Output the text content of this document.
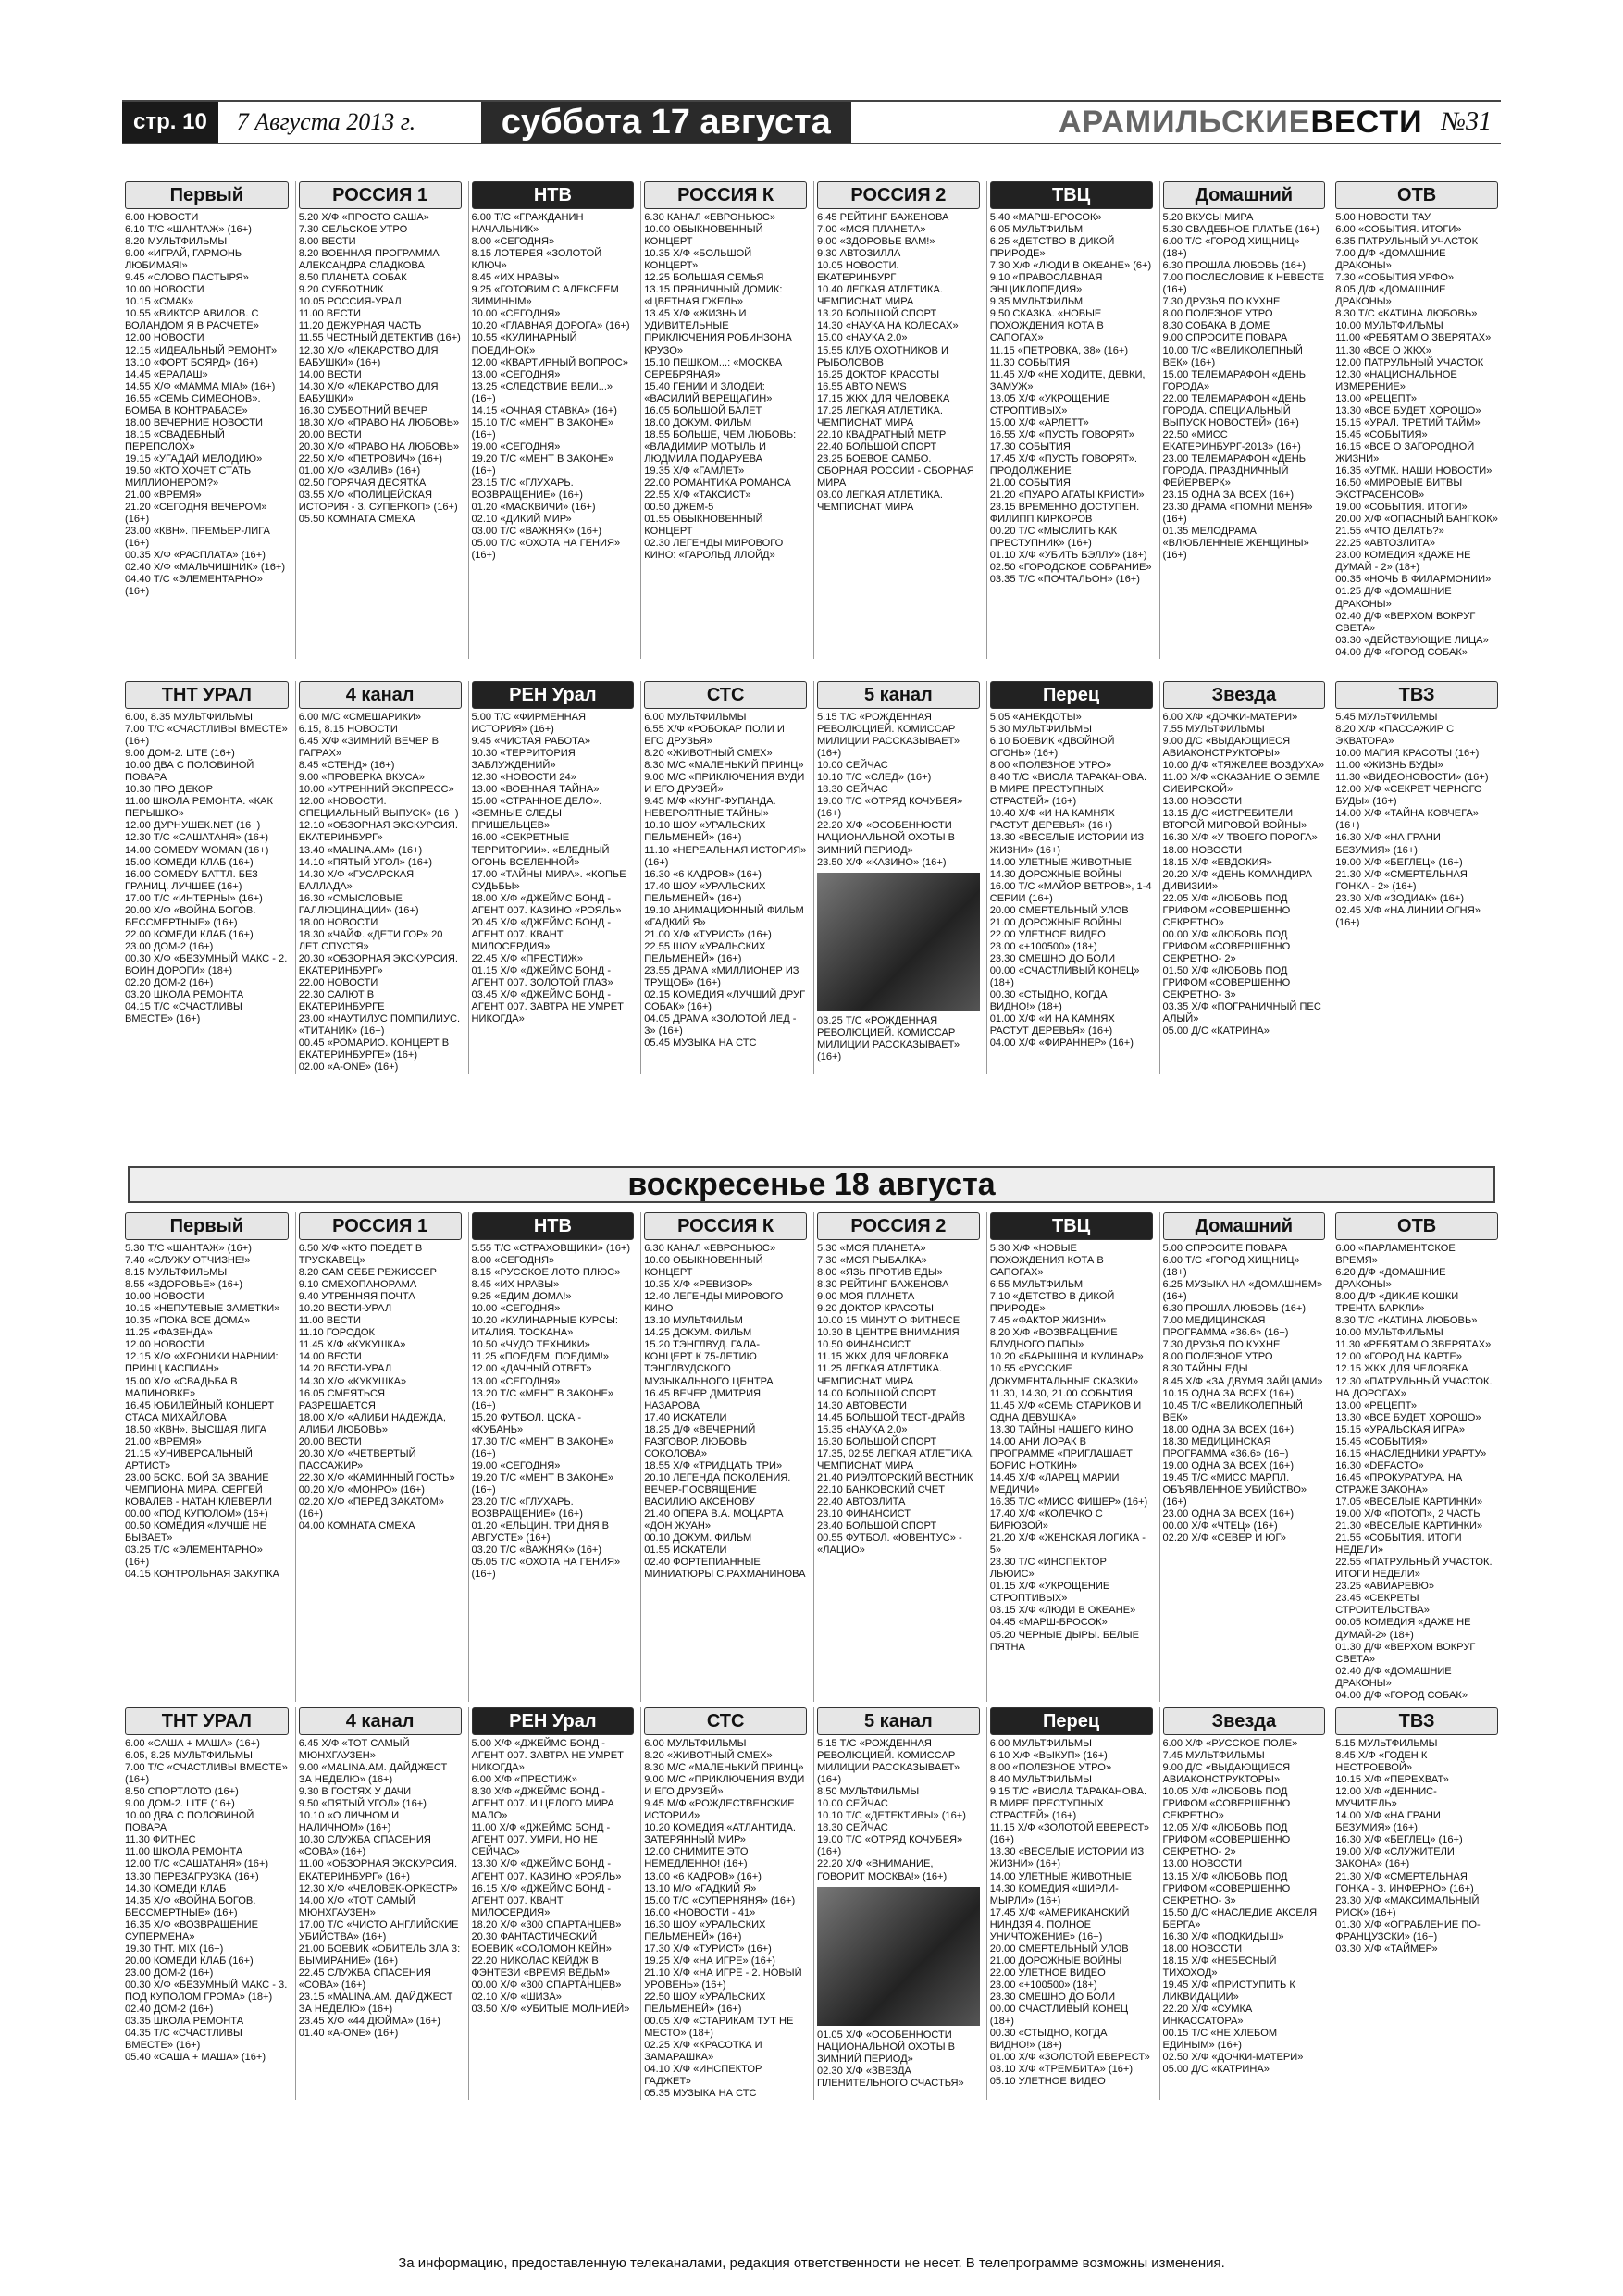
стр. 10	7 Августа 2013 г.	суббота 17 августа	АРАМИЛЬСКИЕВЕСТИ №31
Первый
6.00 НОВОСТИ
6.10 Т/С «ШАНТАЖ» (16+)
8.20 МУЛЬТФИЛЬМЫ
9.00 «ИГРАЙ, ГАРМОНЬ ЛЮБИМАЯ!»
9.45 «СЛОВО ПАСТЫРЯ»
10.00 НОВОСТИ
10.15 «СМАК»
10.55 «ВИКТОР АВИЛОВ. С ВОЛАНДОМ Я В РАСЧЕТЕ»
12.00 НОВОСТИ
12.15 «ИДЕАЛЬНЫЙ РЕМОНТ»
13.10 «ФОРТ БОЯРД» (16+)
14.45 «ЕРАЛАШ»
14.55 Х/Ф «MAMMA MIA!» (16+)
16.55 «СЕМЬ СИМЕОНОВ». БОМБА В КОНТРАБАСЕ»
18.00 ВЕЧЕРНИЕ НОВОСТИ
18.15 «СВАДЕБНЫЙ ПЕРЕПОЛОХ»
19.15 «УГАДАЙ МЕЛОДИЮ»
19.50 «КТО ХОЧЕТ СТАТЬ МИЛЛИОНЕРОМ?»
21.00 «ВРЕМЯ»
21.20 «СЕГОДНЯ ВЕЧЕРОМ» (16+)
23.00 «КВН». ПРЕМЬЕР-ЛИГА (16+)
00.35 Х/Ф «РАСПЛАТА» (16+)
02.40 Х/Ф «МАЛЬЧИШНИК» (16+)
04.40 Т/С «ЭЛЕМЕНТАРНО» (16+)
РОССИЯ 1
5.20 Х/Ф «ПРОСТО САША»
7.30 СЕЛЬСКОЕ УТРО
8.00 ВЕСТИ
8.20 ВОЕННАЯ ПРОГРАММА АЛЕКСАНДРА СЛАДКОВА
8.50 ПЛАНЕТА СОБАК
9.20 СУББОТНИК
10.05 РОССИЯ-УРАЛ
11.00 ВЕСТИ
11.20 ДЕЖУРНАЯ ЧАСТЬ
11.55 ЧЕСТНЫЙ ДЕТЕКТИВ (16+)
12.30 Х/Ф «ЛЕКАРСТВО ДЛЯ БАБУШКИ» (16+)
14.00 ВЕСТИ
14.30 Х/Ф «ЛЕКАРСТВО ДЛЯ БАБУШКИ»
16.30 СУББОТНИЙ ВЕЧЕР
18.30 Х/Ф «ПРАВО НА ЛЮБОВЬ»
20.00 ВЕСТИ
20.30 Х/Ф «ПРАВО НА ЛЮБОВЬ»
22.50 Х/Ф «ПЕТРОВИЧ» (16+)
01.00 Х/Ф «ЗАЛИВ» (16+)
02.50 ГОРЯЧАЯ ДЕСЯТКА
03.55 Х/Ф «ПОЛИЦЕЙСКАЯ ИСТОРИЯ - 3. СУПЕРКОП» (16+)
05.50 КОМНАТА СМЕХА
НТВ
6.00 Т/С «ГРАЖДАНИН НАЧАЛЬНИК»
8.00 «СЕГОДНЯ»
8.15 ЛОТЕРЕЯ «ЗОЛОТОЙ КЛЮЧ»
8.45 «ИХ НРАВЫ»
9.25 «ГОТОВИМ С АЛЕКСЕЕМ ЗИМИНЫМ»
10.00 «СЕГОДНЯ»
10.20 «ГЛАВНАЯ ДОРОГА» (16+)
10.55 «КУЛИНАРНЫЙ ПОЕДИНОК»
12.00 «КВАРТИРНЫЙ ВОПРОС»
13.00 «СЕГОДНЯ»
13.25 «СЛЕДСТВИЕ ВЕЛИ...» (16+)
14.15 «ОЧНАЯ СТАВКА» (16+)
15.10 Т/С «МЕНТ В ЗАКОНЕ» (16+)
19.00 «СЕГОДНЯ»
19.20 Т/С «МЕНТ В ЗАКОНЕ» (16+)
23.15 Т/С «ГЛУХАРЬ. ВОЗВРАЩЕНИЕ» (16+)
01.20 «МАСКВИЧИ» (16+)
02.10 «ДИКИЙ МИР»
03.00 Т/С «ВАЖНЯК» (16+)
05.00 Т/С «ОХОТА НА ГЕНИЯ» (16+)
РОССИЯ К
6.30 КАНАЛ «ЕВРОНЬЮС»
10.00 ОБЫКНОВЕННЫЙ КОНЦЕРТ
10.35 Х/Ф «БОЛЬШОЙ КОНЦЕРТ»
12.25 БОЛЬШАЯ СЕМЬЯ
13.15 ПРЯНИЧНЫЙ ДОМИК: «ЦВЕТНАЯ ГЖЕЛЬ»
13.45 Х/Ф «ЖИЗНЬ И УДИВИТЕЛЬНЫЕ ПРИКЛЮЧЕНИЯ РОБИНЗОНА КРУЗО»
15.10 ПЕШКОМ...: «МОСКВА СЕРЕБРЯНАЯ»
15.40 ГЕНИИ И ЗЛОДЕИ: «ВАСИЛИЙ ВЕРЕЩАГИН»
16.05 БОЛЬШОЙ БАЛЕТ
18.00 ДОКУМ. ФИЛЬМ
18.55 БОЛЬШЕ, ЧЕМ ЛЮБОВЬ: «ВЛАДИМИР МОТЫЛЬ И ЛЮДМИЛА ПОДАРУЕВА
19.35 Х/Ф «ГАМЛЕТ»
22.00 РОМАНТИКА РОМАНСА
22.55 Х/Ф «ТАКСИСТ»
00.50 ДЖЕМ-5
01.55 ОБЫКНОВЕННЫЙ КОНЦЕРТ
02.30 ЛЕГЕНДЫ МИРОВОГО КИНО: «ГАРОЛЬД ЛЛОЙД»
РОССИЯ 2
6.45 РЕЙТИНГ БАЖЕНОВА
7.00 «МОЯ ПЛАНЕТА»
9.00 «ЗДОРОВЬЕ ВАМ!»
9.30 АВТОЗИЛЛА
10.05 НОВОСТИ. ЕКАТЕРИНБУРГ
10.40 ЛЕГКАЯ АТЛЕТИКА. ЧЕМПИОНАТ МИРА
13.20 БОЛЬШОЙ СПОРТ
14.30 «НАУКА НА КОЛЕСАХ»
15.00 «НАУКА 2.0»
15.55 КЛУБ ОХОТНИКОВ И РЫБОЛОВОВ
16.25 ДОКТОР КРАСОТЫ
16.55 ABTO NEWS
17.15 ЖКХ ДЛЯ ЧЕЛОВЕКА
17.25 ЛЕГКАЯ АТЛЕТИКА. ЧЕМПИОНАТ МИРА
22.10 КВАДРАТНЫЙ МЕТР
22.40 БОЛЬШОЙ СПОРТ
23.25 БОЕВОЕ САМБО. СБОРНАЯ РОССИИ - СБОРНАЯ МИРА
03.00 ЛЕГКАЯ АТЛЕТИКА. ЧЕМПИОНАТ МИРА
ТВЦ
5.40 «МАРШ-БРОСОК»
6.05 МУЛЬТФИЛЬМ
6.25 «ДЕТСТВО В ДИКОЙ ПРИРОДЕ»
7.30 Х/Ф «ЛЮДИ В ОКЕАНЕ» (6+)
9.10 «ПРАВОСЛАВНАЯ ЭНЦИКЛОПЕДИЯ»
9.35 МУЛЬТФИЛЬМ
9.50 СКАЗКА. «НОВЫЕ ПОХОЖДЕНИЯ КОТА В САПОГАХ»
11.15 «ПЕТРОВКА, 38» (16+)
11.30 СОБЫТИЯ
11.45 Х/Ф «НЕ ХОДИТЕ, ДЕВКИ, ЗАМУЖ»
13.05 Х/Ф «УКРОЩЕНИЕ СТРОПТИВЫХ»
15.00 Х/Ф «АРЛЕТТ»
16.55 Х/Ф «ПУСТЬ ГОВОРЯТ»
17.30 СОБЫТИЯ
17.45 Х/Ф «ПУСТЬ ГОВОРЯТ». ПРОДОЛЖЕНИЕ
21.00 СОБЫТИЯ
21.20 «ПУАРО АГАТЫ КРИСТИ»
23.15 ВРЕМЕННО ДОСТУПЕН. ФИЛИПП КИРКОРОВ
00.20 Т/С «МЫСЛИТЬ КАК ПРЕСТУПНИК» (16+)
01.10 Х/Ф «УБИТЬ БЭЛЛУ» (18+)
02.50 «ГОРОДСКОЕ СОБРАНИЕ»
03.35 Т/С «ПОЧТАЛЬОН» (16+)
Домашний
5.20 ВКУСЫ МИРА
5.30 СВАДЕБНОЕ ПЛАТЬЕ (16+)
6.00 Т/С «ГОРОД ХИЩНИЦ» (18+)
6.30 ПРОШЛА ЛЮБОВЬ (16+)
7.00 ПОСЛЕСЛОВИЕ К НЕВЕСТЕ (16+)
7.30 ДРУЗЬЯ ПО КУХНЕ
8.00 ПОЛЕЗНОЕ УТРО
8.30 СОБАКА В ДОМЕ
9.00 СПРОСИТЕ ПОВАРА
10.00 Т/С «ВЕЛИКОЛЕПНЫЙ ВЕК» (16+)
15.00 ТЕЛЕМАРАФОН «ДЕНЬ ГОРОДА»
22.00 ТЕЛЕМАРАФОН «ДЕНЬ ГОРОДА. СПЕЦИАЛЬНЫЙ ВЫПУСК НОВОСТЕЙ» (16+)
22.50 «МИСС ЕКАТЕРИНБУРГ-2013» (16+)
23.00 ТЕЛЕМАРАФОН «ДЕНЬ ГОРОДА. ПРАЗДНИЧНЫЙ ФЕЙЕРВЕРК»
23.15 ОДНА ЗА ВСЕХ (16+)
23.30 ДРАМА «ПОМНИ МЕНЯ» (16+)
01.35 МЕЛОДРАМА «ВЛЮБЛЕННЫЕ ЖЕНЩИНЫ» (16+)
ОТВ
5.00 НОВОСТИ ТАУ
6.00 «СОБЫТИЯ. ИТОГИ»
6.35 ПАТРУЛЬНЫЙ УЧАСТОК
7.00 Д/Ф «ДОМАШНИЕ ДРАКОНЫ»
7.30 «СОБЫТИЯ УРФО»
8.05 Д/Ф «ДОМАШНИЕ ДРАКОНЫ»
8.30 Т/С «КАТИНА ЛЮБОВЬ»
10.00 МУЛЬТФИЛЬМЫ
11.00 «РЕБЯТАМ О ЗВЕРЯТАХ»
11.30 «ВСЕ О ЖКХ»
12.00 ПАТРУЛЬНЫЙ УЧАСТОК
12.30 «НАЦИОНАЛЬНОЕ ИЗМЕРЕНИЕ»
13.00 «РЕЦЕПТ»
13.30 «ВСЕ БУДЕТ ХОРОШО»
15.15 «УРАЛ. ТРЕТИЙ ТАЙМ»
15.45 «СОБЫТИЯ»
16.15 «ВСЕ О ЗАГОРОДНОЙ ЖИЗНИ»
16.35 «УГМК. НАШИ НОВОСТИ»
16.50 «МИРОВЫЕ БИТВЫ ЭКСТРАСЕНСОВ»
19.00 «СОБЫТИЯ. ИТОГИ»
20.00 Х/Ф «ОПАСНЫЙ БАНГКОК»
21.55 «ЧТО ДЕЛАТЬ?»
22.25 «АВТОЗЛИТА»
23.00 КОМЕДИЯ «ДАЖЕ НЕ ДУМАЙ - 2» (18+)
00.35 «НОЧЬ В ФИЛАРМОНИИ»
01.25 Д/Ф «ДОМАШНИЕ ДРАКОНЫ»
02.40 Д/Ф «ВЕРХОМ ВОКРУГ СВЕТА»
03.30 «ДЕЙСТВУЮЩИЕ ЛИЦА»
04.00 Д/Ф «ГОРОД СОБАК»
ТНТ УРАЛ
6.00, 8.35 МУЛЬТФИЛЬМЫ
7.00 Т/С «СЧАСТЛИВЫ ВМЕСТЕ» (16+)
9.00 ДОМ-2. LITE (16+)
10.00 ДВА С ПОЛОВИНОЙ ПОВАРА
10.30 ПРО ДЕКОР
11.00 ШКОЛА РЕМОНТА. «КАК ПЕРЫШКО»
12.00 ДУРНУШЕК.NET (16+)
12.30 Т/С «САШАТАНЯ» (16+)
14.00 COMEDY WOMAN (16+)
15.00 КОМЕДИ КЛАБ (16+)
16.00 COMEDY БАТТЛ. БЕЗ ГРАНИЦ. ЛУЧШЕЕ (16+)
17.00 Т/С «ИНТЕРНЫ» (16+)
20.00 Х/Ф «ВОЙНА БОГОВ. БЕССМЕРТНЫЕ» (16+)
22.00 КОМЕДИ КЛАБ (16+)
23.00 ДОМ-2 (16+)
00.30 Х/Ф «БЕЗУМНЫЙ МАКС - 2. ВОИН ДОРОГИ» (18+)
02.20 ДОМ-2 (16+)
03.20 ШКОЛА РЕМОНТА
04.15 Т/С «СЧАСТЛИВЫ ВМЕСТЕ» (16+)
4 канал
6.00 М/С «СМЕШАРИКИ»
6.15, 8.15 НОВОСТИ
6.45 Х/Ф «ЗИМНИЙ ВЕЧЕР В ГАГРАХ»
8.45 «СТЕНД» (16+)
9.00 «ПРОВЕРКА ВКУСА»
10.00 «УТРЕННИЙ ЭКСПРЕСС»
12.00 «НОВОСТИ. СПЕЦИАЛЬНЫЙ ВЫПУСК» (16+)
12.10 «ОБЗОРНАЯ ЭКСКУРСИЯ. ЕКАТЕРИНБУРГ»
13.40 «MALINA.AM» (16+)
14.10 «ПЯТЫЙ УГОЛ» (16+)
14.30 Х/Ф «ГУСАРСКАЯ БАЛЛАДА»
16.30 «СМЫСЛОВЫЕ ГАЛЛЮЦИНАЦИИ» (16+)
18.00 НОВОСТИ
18.30 «ЧАЙФ. «ДЕТИ ГОР» 20 ЛЕТ СПУСТЯ»
20.30 «ОБЗОРНАЯ ЭКСКУРСИЯ. ЕКАТЕРИНБУРГ»
22.00 НОВОСТИ
22.30 САЛЮТ В ЕКАТЕРИНБУРГЕ
23.00 «НАУТИЛУС ПОМПИЛИУС. «ТИТАНИК» (16+)
00.45 «РОМАРИО. КОНЦЕРТ В ЕКАТЕРИНБУРГЕ» (16+)
02.00 «А-ONE» (16+)
РЕН Урал
5.00 Т/С «ФИРМЕННАЯ ИСТОРИЯ» (16+)
9.45 «ЧИСТАЯ РАБОТА»
10.30 «ТЕРРИТОРИЯ ЗАБЛУЖДЕНИЙ»
12.30 «НОВОСТИ 24»
13.00 «ВОЕННАЯ ТАЙНА»
15.00 «СТРАННОЕ ДЕЛО». «ЗЕМНЫЕ СЛЕДЫ ПРИШЕЛЬЦЕВ»
16.00 «СЕКРЕТНЫЕ ТЕРРИТОРИИ». «БЛЕДНЫЙ ОГОНЬ ВСЕЛЕННОЙ»
17.00 «ТАЙНЫ МИРА». «КОПЬЕ СУДЬБЫ»
18.00 Х/Ф «ДЖЕЙМС БОНД - АГЕНТ 007. КАЗИНО «РОЯЛЬ»
20.45 Х/Ф «ДЖЕЙМС БОНД - АГЕНТ 007. КВАНТ МИЛОСЕРДИЯ»
22.45 Х/Ф «ПРЕСТИЖ»
01.15 Х/Ф «ДЖЕЙМС БОНД - АГЕНТ 007. ЗОЛОТОЙ ГЛАЗ»
03.45 Х/Ф «ДЖЕЙМС БОНД - АГЕНТ 007. ЗАВТРА НЕ УМРЕТ НИКОГДА»
СТС
6.00 МУЛЬТФИЛЬМЫ
6.55 Х/Ф «РОБОКАР ПОЛИ И ЕГО ДРУЗЬЯ»
8.20 «ЖИВОТНЫЙ СМЕХ»
8.30 М/С «МАЛЕНЬКИЙ ПРИНЦ»
9.00 М/С «ПРИКЛЮЧЕНИЯ ВУДИ И ЕГО ДРУЗЕЙ»
9.45 М/Ф «КУНГ-ФУПАНДА. НЕВЕРОЯТНЫЕ ТАЙНЫ»
10.10 ШОУ «УРАЛЬСКИХ ПЕЛЬМЕНЕЙ» (16+)
11.10 «НЕРЕАЛЬНАЯ ИСТОРИЯ» (16+)
16.30 «6 КАДРОВ» (16+)
17.40 ШОУ «УРАЛЬСКИХ ПЕЛЬМЕНЕЙ» (16+)
19.10 АНИМАЦИОННЫЙ ФИЛЬМ «ГАДКИЙ Я»
21.00 Х/Ф «ТУРИСТ» (16+)
22.55 ШОУ «УРАЛЬСКИХ ПЕЛЬМЕНЕЙ» (16+)
23.55 ДРАМА «МИЛЛИОНЕР ИЗ ТРУЩОБ» (16+)
02.15 КОМЕДИЯ «ЛУЧШИЙ ДРУГ СОБАК» (16+)
04.05 ДРАМА «ЗОЛОТОЙ ЛЕД - 3» (16+)
05.45 МУЗЫКА НА СТС
5 канал
5.15 Т/С «РОЖДЕННАЯ РЕВОЛЮЦИЕЙ. КОМИССАР МИЛИЦИИ РАССКАЗЫВАЕТ» (16+)
10.00 СЕЙЧАС
10.10 Т/С «СЛЕД» (16+)
18.30 СЕЙЧАС
19.00 Т/С «ОТРЯД КОЧУБЕЯ» (16+)
22.20 Х/Ф «ОСОБЕННОСТИ НАЦИОНАЛЬНОЙ ОХОТЫ В ЗИМНИЙ ПЕРИОД»
23.50 Х/Ф «КАЗИНО» (16+)
03.25 Т/С «РОЖДЕННАЯ РЕВОЛЮЦИЕЙ. КОМИССАР МИЛИЦИИ РАССКАЗЫВАЕТ» (16+)
Перец
5.05 «АНЕКДОТЫ»
5.30 МУЛЬТФИЛЬМЫ
6.10 БОЕВИК «ДВОЙНОЙ ОГОНЬ» (16+)
8.00 «ПОЛЕЗНОЕ УТРО»
8.40 Т/С «ВИОЛА ТАРАКАНОВА. В МИРЕ ПРЕСТУПНЫХ СТРАСТЕЙ» (16+)
10.40 Х/Ф «И НА КАМНЯХ РАСТУТ ДЕРЕВЬЯ» (16+)
13.30 «ВЕСЕЛЫЕ ИСТОРИИ ИЗ ЖИЗНИ» (16+)
14.00 УЛЕТНЫЕ ЖИВОТНЫЕ
14.30 ДОРОЖНЫЕ ВОЙНЫ
16.00 Т/С «МАЙОР ВЕТРОВ», 1-4 СЕРИИ (16+)
20.00 СМЕРТЕЛЬНЫЙ УЛОВ
21.00 ДОРОЖНЫЕ ВОЙНЫ
22.00 УЛЕТНОЕ ВИДЕО
23.00 «+100500» (18+)
23.30 СМЕШНО ДО БОЛИ
00.00 «СЧАСТЛИВЫЙ КОНЕЦ» (18+)
00.30 «СТЫДНО, КОГДА ВИДНО!» (18+)
01.00 Х/Ф «И НА КАМНЯХ РАСТУТ ДЕРЕВЬЯ» (16+)
04.00 Х/Ф «ФИРАННЕР» (16+)
Звезда
6.00 Х/Ф «ДОЧКИ-МАТЕРИ»
7.55 МУЛЬТФИЛЬМЫ
9.00 Д/С «ВЫДАЮЩИЕСЯ АВИАКОНСТРУКТОРЫ»
10.00 Д/Ф «ТЯЖЕЛЕЕ ВОЗДУХА»
11.00 Х/Ф «СКАЗАНИЕ О ЗЕМЛЕ СИБИРСКОЙ»
13.00 НОВОСТИ
13.15 Д/С «ИСТРЕБИТЕЛИ ВТОРОЙ МИРОВОЙ ВОЙНЫ»
16.30 Х/Ф «У ТВОЕГО ПОРОГА»
18.00 НОВОСТИ
18.15 Х/Ф «ЕВДОКИЯ»
20.20 Х/Ф «ДЕНЬ КОМАНДИРА ДИВИЗИИ»
22.05 Х/Ф «ЛЮБОВЬ ПОД ГРИФОМ «СОВЕРШЕННО СЕКРЕТНО»
00.00 Х/Ф «ЛЮБОВЬ ПОД ГРИФОМ «СОВЕРШЕННО СЕКРЕТНО- 2»
01.50 Х/Ф «ЛЮБОВЬ ПОД ГРИФОМ «СОВЕРШЕННО СЕКРЕТНО- 3»
03.35 Х/Ф «ПОГРАНИЧНЫЙ ПЕС АЛЫЙ»
05.00 Д/С «КАТРИНА»
ТВЗ
5.45 МУЛЬТФИЛЬМЫ
8.20 Х/Ф «ПАССАЖИР С ЭКВАТОРА»
10.00 МАГИЯ КРАСОТЫ (16+)
11.00 «ЖИЗНЬ БУДЫ»
11.30 «ВИДЕОНОВОСТИ» (16+)
12.00 Х/Ф «СЕКРЕТ ЧЕРНОГО БУДЫ» (16+)
14.00 Х/Ф «ТАЙНА КОВЧЕГА» (16+)
16.30 Х/Ф «НА ГРАНИ БЕЗУМИЯ» (16+)
19.00 Х/Ф «БЕГЛЕЦ» (16+)
21.30 Х/Ф «СМЕРТЕЛЬНАЯ ГОНКА - 2» (16+)
23.30 Х/Ф «ЗОДИАК» (16+)
02.45 Х/Ф «НА ЛИНИИ ОГНЯ» (16+)
воскресенье 18 августа
Первый
5.30 Т/С «ШАНТАЖ» (16+)
7.40 «СЛУЖУ ОТЧИЗНЕ!»
8.15 МУЛЬТФИЛЬМЫ
8.55 «ЗДОРОВЬЕ» (16+)
10.00 НОВОСТИ
10.15 «НЕПУТЕВЫЕ ЗАМЕТКИ»
10.35 «ПОКА ВСЕ ДОМА»
11.25 «ФАЗЕНДА»
12.00 НОВОСТИ
12.15 Х/Ф «ХРОНИКИ НАРНИИ: ПРИНЦ КАСПИАН»
15.00 Х/Ф «СВАДЬБА В МАЛИНОВКЕ»
16.45 ЮБИЛЕЙНЫЙ КОНЦЕРТ СТАСА МИХАЙЛОВА
18.50 «КВН». ВЫСШАЯ ЛИГА
21.00 «ВРЕМЯ»
21.15 «УНИВЕРСАЛЬНЫЙ АРТИСТ»
23.00 БОКС. БОЙ ЗА ЗВАНИЕ ЧЕМПИОНА МИРА. СЕРГЕЙ КОВАЛЕВ - НАТАН КЛЕВЕРЛИ
00.00 «ПОД КУПОЛОМ» (16+)
00.50 КОМЕДИЯ «ЛУЧШЕ НЕ БЫВАЕТ»
03.25 Т/С «ЭЛЕМЕНТАРНО» (16+)
04.15 КОНТРОЛЬНАЯ ЗАКУПКА
РОССИЯ 1
6.50 Х/Ф «КТО ПОЕДЕТ В ТРУСКАВЕЦ»
8.20 САМ СЕБЕ РЕЖИССЕР
9.10 СМЕХОПАНОРАМА
9.40 УТРЕННЯЯ ПОЧТА
10.20 ВЕСТИ-УРАЛ
11.00 ВЕСТИ
11.10 ГОРОДОК
11.45 Х/Ф «КУКУШКА»
14.00 ВЕСТИ
14.20 ВЕСТИ-УРАЛ
14.30 Х/Ф «КУКУШКА»
16.05 СМЕЯТЬСЯ РАЗРЕШАЕТСЯ
18.00 Х/Ф «АЛИБИ НАДЕЖДА, АЛИБИ ЛЮБОВЬ»
20.00 ВЕСТИ
20.30 Х/Ф «ЧЕТВЕРТЫЙ ПАССАЖИР»
22.30 Х/Ф «КАМИННЫЙ ГОСТЬ»
00.20 Х/Ф «МОНРО» (16+)
02.20 Х/Ф «ПЕРЕД ЗАКАТОМ» (16+)
04.00 КОМНАТА СМЕХА
НТВ
5.55 Т/С «СТРАХОВЩИКИ» (16+)
8.00 «СЕГОДНЯ»
8.15 «РУССКОЕ ЛОТО ПЛЮС»
8.45 «ИХ НРАВЫ»
9.25 «ЕДИМ ДОМА!»
10.00 «СЕГОДНЯ»
10.20 «КУЛИНАРНЫЕ КУРСЫ: ИТАЛИЯ. ТОСКАНА»
10.50 «ЧУДО ТЕХНИКИ»
11.25 «ПОЕДЕМ, ПОЕДИМ!»
12.00 «ДАЧНЫЙ ОТВЕТ»
13.00 «СЕГОДНЯ»
13.20 Т/С «МЕНТ В ЗАКОНЕ» (16+)
15.20 ФУТБОЛ. ЦСКА - «КУБАНЬ»
17.30 Т/С «МЕНТ В ЗАКОНЕ» (16+)
19.00 «СЕГОДНЯ»
19.20 Т/С «МЕНТ В ЗАКОНЕ» (16+)
23.20 Т/С «ГЛУХАРЬ. ВОЗВРАЩЕНИЕ» (16+)
01.20 «ЕЛЬЦИН. ТРИ ДНЯ В АВГУСТЕ» (16+)
03.20 Т/С «ВАЖНЯК» (16+)
05.05 Т/С «ОХОТА НА ГЕНИЯ» (16+)
РОССИЯ К
6.30 КАНАЛ «ЕВРОНЬЮС»
10.00 ОБЫКНОВЕННЫЙ КОНЦЕРТ
10.35 Х/Ф «РЕВИЗОР»
12.40 ЛЕГЕНДЫ МИРОВОГО КИНО
13.10 МУЛЬТФИЛЬМ
14.25 ДОКУМ. ФИЛЬМ
15.20 ТЭНГЛВУД. ГАЛА-КОНЦЕРТ К 75-ЛЕТИЮ ТЭНГЛВУДСКОГО МУЗЫКАЛЬНОГО ЦЕНТРА
16.45 ВЕЧЕР ДМИТРИЯ НАЗАРОВА
17.40 ИСКАТЕЛИ
18.25 Д/Ф «ВЕЧЕРНИЙ РАЗГОВОР. ЛЮБОВЬ СОКОЛОВА»
18.55 Х/Ф «ТРИДЦАТЬ ТРИ»
20.10 ЛЕГЕНДА ПОКОЛЕНИЯ. ВЕЧЕР-ПОСВЯЩЕНИЕ ВАСИЛИЮ АКСЕНОВУ
21.40 ОПЕРА В.А. МОЦАРТА «ДОН ЖУАН»
00.10 ДОКУМ. ФИЛЬМ
01.55 ИСКАТЕЛИ
02.40 ФОРТЕПИАННЫЕ МИНИАТЮРЫ С.РАХМАНИНОВА
РОССИЯ 2
5.30 «МОЯ ПЛАНЕТА»
7.30 «МОЯ РЫБАЛКА»
8.00 «ЯЗЬ ПРОТИВ ЕДЫ»
8.30 РЕЙТИНГ БАЖЕНОВА
9.00 МОЯ ПЛАНЕТА
9.20 ДОКТОР КРАСОТЫ
10.00 15 МИНУТ О ФИТНЕСЕ
10.30 В ЦЕНТРЕ ВНИМАНИЯ
10.50 ФИНАНСИСТ
11.15 ЖКХ ДЛЯ ЧЕЛОВЕКА
11.25 ЛЕГКАЯ АТЛЕТИКА. ЧЕМПИОНАТ МИРА
14.00 БОЛЬШОЙ СПОРТ
14.30 АВТОВЕСТИ
14.45 БОЛЬШОЙ ТЕСТ-ДРАЙВ
15.35 «НАУКА 2.0»
16.30 БОЛЬШОЙ СПОРТ
17.35, 02.55 ЛЕГКАЯ АТЛЕТИКА. ЧЕМПИОНАТ МИРА
21.40 РИЭЛТОРСКИЙ ВЕСТНИК
22.10 БАНКОВСКИЙ СЧЕТ
22.40 АВТОЗЛИТА
23.10 ФИНАНСИСТ
23.40 БОЛЬШОЙ СПОРТ
00.55 ФУТБОЛ. «ЮВЕНТУС» - «ЛАЦИО»
ТВЦ
5.30 Х/Ф «НОВЫЕ ПОХОЖДЕНИЯ КОТА В САПОГАХ»
6.55 МУЛЬТФИЛЬМ
7.10 «ДЕТСТВО В ДИКОЙ ПРИРОДЕ»
7.45 «ФАКТОР ЖИЗНИ»
8.20 Х/Ф «ВОЗВРАЩЕНИЕ БЛУДНОГО ПАПЫ»
10.20 «БАРЫШНЯ И КУЛИНАР»
10.55 «РУССКИЕ ДОКУМЕНТАЛЬНЫЕ СКАЗКИ»
11.30, 14.30, 21.00 СОБЫТИЯ
11.45 Х/Ф «СЕМЬ СТАРИКОВ И ОДНА ДЕВУШКА»
13.30 ТАЙНЫ НАШЕГО КИНО
14.00 АНИ ЛОРАК В ПРОГРАММЕ «ПРИГЛАШАЕТ БОРИС НОТКИН»
14.45 Х/Ф «ЛАРЕЦ МАРИИ МЕДИЧИ»
16.35 Т/С «МИСС ФИШЕР» (16+)
17.40 Х/Ф «КОЛЕЧКО С БИРЮЗОЙ»
21.20 Х/Ф «ЖЕНСКАЯ ЛОГИКА - 5»
23.30 Т/С «ИНСПЕКТОР ЛЬЮИС»
01.15 Х/Ф «УКРОЩЕНИЕ СТРОПТИВЫХ»
03.15 Х/Ф «ЛЮДИ В ОКЕАНЕ»
04.45 «МАРШ-БРОСОК»
05.20 ЧЕРНЫЕ ДЫРЫ. БЕЛЫЕ ПЯТНА
Домашний
5.00 СПРОСИТЕ ПОВАРА
6.00 Т/С «ГОРОД ХИЩНИЦ» (18+)
6.25 МУЗЫКА НА «ДОМАШНЕМ» (16+)
6.30 ПРОШЛА ЛЮБОВЬ (16+)
7.00 МЕДИЦИНСКАЯ ПРОГРАММА «36.6» (16+)
7.30 ДРУЗЬЯ ПО КУХНЕ
8.00 ПОЛЕЗНОЕ УТРО
8.30 ТАЙНЫ ЕДЫ
8.45 Х/Ф «ЗА ДВУМЯ ЗАЙЦАМИ»
10.15 ОДНА ЗА ВСЕХ (16+)
10.45 Т/С «ВЕЛИКОЛЕПНЫЙ ВЕК»
18.00 ОДНА ЗА ВСЕХ (16+)
18.30 МЕДИЦИНСКАЯ ПРОГРАММА «36.6» (16+)
19.00 ОДНА ЗА ВСЕХ (16+)
19.45 Т/С «МИСС МАРПЛ. ОБЪЯВЛЕННОЕ УБИЙСТВО» (16+)
23.00 ОДНА ЗА ВСЕХ (16+)
00.00 Х/Ф «ЧТЕЦ» (16+)
02.20 Х/Ф «СЕВЕР И ЮГ»
ОТВ
6.00 «ПАРЛАМЕНТСКОЕ ВРЕМЯ»
6.20 Д/Ф «ДОМАШНИЕ ДРАКОНЫ»
8.00 Д/Ф «ДИКИЕ КОШКИ ТРЕНТА БАРКЛИ»
8.30 Т/С «КАТИНА ЛЮБОВЬ»
10.00 МУЛЬТФИЛЬМЫ
11.30 «РЕБЯТАМ О ЗВЕРЯТАХ»
12.00 «ГОРОД НА КАРТЕ»
12.15 ЖКХ ДЛЯ ЧЕЛОВЕКА
12.30 «ПАТРУЛЬНЫЙ УЧАСТОК. НА ДОРОГАХ»
13.00 «РЕЦЕПТ»
13.30 «ВСЕ БУДЕТ ХОРОШО»
15.15 «УРАЛЬСКАЯ ИГРА»
15.45 «СОБЫТИЯ»
16.15 «НАСЛЕДНИКИ УРАРТУ»
16.30 «DEFACTO»
16.45 «ПРОКУРАТУРА. НА СТРАЖЕ ЗАКОНА»
17.05 «ВЕСЕЛЫЕ КАРТИНКИ»
19.00 Х/Ф «ПОТОП», 2 ЧАСТЬ
21.30 «ВЕСЕЛЫЕ КАРТИНКИ»
21.55 «СОБЫТИЯ. ИТОГИ НЕДЕЛИ»
22.55 «ПАТРУЛЬНЫЙ УЧАСТОК. ИТОГИ НЕДЕЛИ»
23.25 «АВИАРЕВЮ»
23.45 «СЕКРЕТЫ СТРОИТЕЛЬСТВА»
00.05 КОМЕДИЯ «ДАЖЕ НЕ ДУМАЙ-2» (18+)
01.30 Д/Ф «ВЕРХОМ ВОКРУГ СВЕТА»
02.40 Д/Ф «ДОМАШНИЕ ДРАКОНЫ»
04.00 Д/Ф «ГОРОД СОБАК»
ТНТ УРАЛ
6.00 «САША + МАША» (16+)
6.05, 8.25 МУЛЬТФИЛЬМЫ
7.00 Т/С «СЧАСТЛИВЫ ВМЕСТЕ» (16+)
8.50 СПОРТЛОТО (16+)
9.00 ДОМ-2. LITE (16+)
10.00 ДВА С ПОЛОВИНОЙ ПОВАРА
11.30 ФИТНЕС
11.00 ШКОЛА РЕМОНТА
12.00 Т/С «САШАТАНЯ» (16+)
13.30 ПЕРЕЗАГРУЗКА (16+)
14.30 КОМЕДИ КЛАБ
14.35 Х/Ф «ВОЙНА БОГОВ. БЕССМЕРТНЫЕ» (16+)
16.35 Х/Ф «ВОЗВРАЩЕНИЕ СУПЕРМЕНА»
19.30 ТНТ. MIX (16+)
20.00 КОМЕДИ КЛАБ (16+)
23.00 ДОМ-2 (16+)
00.30 Х/Ф «БЕЗУМНЫЙ МАКС - 3. ПОД КУПОЛОМ ГРОМА» (18+)
02.40 ДОМ-2 (16+)
03.35 ШКОЛА РЕМОНТА
04.35 Т/С «СЧАСТЛИВЫ ВМЕСТЕ» (16+)
05.40 «САША + МАША» (16+)
4 канал
6.45 Х/Ф «ТОТ САМЫЙ МЮНХГАУЗЕН»
9.00 «MALINA.AM. ДАЙДЖЕСТ ЗА НЕДЕЛЮ» (16+)
9.30 В ГОСТЯХ У ДАЧИ
9.50 «ПЯТЫЙ УГОЛ» (16+)
10.10 «О ЛИЧНОМ И НАЛИЧНОМ» (16+)
10.30 СЛУЖБА СПАСЕНИЯ «СОВА» (16+)
11.00 «ОБЗОРНАЯ ЭКСКУРСИЯ. ЕКАТЕРИНБУРГ» (16+)
12.30 Х/Ф «ЧЕЛОВЕК-ОРКЕСТР»
14.00 Х/Ф «ТОТ САМЫЙ МЮНХГАУЗЕН»
17.00 Т/С «ЧИСТО АНГЛИЙСКИЕ УБИЙСТВА» (16+)
21.00 БОЕВИК «ОБИТЕЛЬ ЗЛА 3: ВЫМИРАНИЕ» (16+)
22.45 СЛУЖБА СПАСЕНИЯ «СОВА» (16+)
23.15 «MALINA.AM. ДАЙДЖЕСТ ЗА НЕДЕЛЮ» (16+)
23.45 Х/Ф «44 ДЮЙМА» (16+)
01.40 «А-ONE» (16+)
РЕН Урал
5.00 Х/Ф «ДЖЕЙМС БОНД - АГЕНТ 007. ЗАВТРА НЕ УМРЕТ НИКОГДА»
6.00 Х/Ф «ПРЕСТИЖ»
8.30 Х/Ф «ДЖЕЙМС БОНД - АГЕНТ 007. И ЦЕЛОГО МИРА МАЛО»
11.00 Х/Ф «ДЖЕЙМС БОНД - АГЕНТ 007. УМРИ, НО НЕ СЕЙЧАС»
13.30 Х/Ф «ДЖЕЙМС БОНД - АГЕНТ 007. КАЗИНО «РОЯЛЬ»
16.15 Х/Ф «ДЖЕЙМС БОНД - АГЕНТ 007. КВАНТ МИЛОСЕРДИЯ»
18.20 Х/Ф «300 СПАРТАНЦЕВ»
20.30 ФАНТАСТИЧЕСКИЙ БОЕВИК «СОЛОМОН КЕЙН»
22.20 НИКОЛАС КЕЙДЖ В ФЭНТЕЗИ «ВРЕМЯ ВЕДЬМ»
00.00 Х/Ф «300 СПАРТАНЦЕВ»
02.10 Х/Ф «ШИЗА»
03.50 Х/Ф «УБИТЫЕ МОЛНИЕЙ»
СТС
6.00 МУЛЬТФИЛЬМЫ
8.20 «ЖИВОТНЫЙ СМЕХ»
8.30 М/С «МАЛЕНЬКИЙ ПРИНЦ»
9.00 М/С «ПРИКЛЮЧЕНИЯ ВУДИ И ЕГО ДРУЗЕЙ»
9.45 М/Ф «РОЖДЕСТВЕНСКИЕ ИСТОРИИ»
10.20 КОМЕДИЯ «АТЛАНТИДА. ЗАТЕРЯННЫЙ МИР»
12.00 СНИМИТЕ ЭТО НЕМЕДЛЕННО! (16+)
13.00 «6 КАДРОВ» (16+)
13.10 М/Ф «ГАДКИЙ Я»
15.00 Т/С «СУПЕРНЯНЯ» (16+)
16.00 «НОВОСТИ - 41»
16.30 ШОУ «УРАЛЬСКИХ ПЕЛЬМЕНЕЙ» (16+)
17.30 Х/Ф «ТУРИСТ» (16+)
19.25 Х/Ф «НА ИГРЕ» (16+)
21.10 Х/Ф «НА ИГРЕ - 2. НОВЫЙ УРОВЕНЬ» (16+)
22.50 ШОУ «УРАЛЬСКИХ ПЕЛЬМЕНЕЙ» (16+)
00.05 Х/Ф «СТАРИКАМ ТУТ НЕ МЕСТО» (18+)
02.25 Х/Ф «КРАСОТКА И ЗАМАРАШКА»
04.10 Х/Ф «ИНСПЕКТОР ГАДЖЕТ»
05.35 МУЗЫКА НА СТС
5 канал
5.15 Т/С «РОЖДЕННАЯ РЕВОЛЮЦИЕЙ. КОМИССАР МИЛИЦИИ РАССКАЗЫВАЕТ» (16+)
8.50 МУЛЬТФИЛЬМЫ
10.00 СЕЙЧАС
10.10 Т/С «ДЕТЕКТИВЫ» (16+)
18.30 СЕЙЧАС
19.00 Т/С «ОТРЯД КОЧУБЕЯ» (16+)
22.20 Х/Ф «ВНИМАНИЕ, ГОВОРИТ МОСКВА!» (16+)
01.05 Х/Ф «ОСОБЕННОСТИ НАЦИОНАЛЬНОЙ ОХОТЫ В ЗИМНИЙ ПЕРИОД»
02.30 Х/Ф «ЗВЕЗДА ПЛЕНИТЕЛЬНОГО СЧАСТЬЯ»
Перец
6.00 МУЛЬТФИЛЬМЫ
6.10 Х/Ф «ВЫКУП» (16+)
8.00 «ПОЛЕЗНОЕ УТРО»
8.40 МУЛЬТФИЛЬМЫ
9.15 Т/С «ВИОЛА ТАРАКАНОВА. В МИРЕ ПРЕСТУПНЫХ СТРАСТЕЙ» (16+)
11.15 Х/Ф «ЗОЛОТОЙ ЕВЕРЕСТ» (16+)
13.30 «ВЕСЕЛЫЕ ИСТОРИИ ИЗ ЖИЗНИ» (16+)
14.00 УЛЕТНЫЕ ЖИВОТНЫЕ
14.30 КОМЕДИЯ «ШИРЛИ-МЫРЛИ» (16+)
17.45 Х/Ф «АМЕРИКАНСКИЙ НИНДЗЯ 4. ПОЛНОЕ УНИЧТОЖЕНИЕ» (16+)
20.00 СМЕРТЕЛЬНЫЙ УЛОВ
21.00 ДОРОЖНЫЕ ВОЙНЫ
22.00 УЛЕТНОЕ ВИДЕО
23.00 «+100500» (18+)
23.30 СМЕШНО ДО БОЛИ
00.00 СЧАСТЛИВЫЙ КОНЕЦ (18+)
00.30 «СТЫДНО, КОГДА ВИДНО!» (18+)
01.00 Х/Ф «ЗОЛОТОЙ ЕВЕРЕСТ»
03.10 Х/Ф «ТРЕМБИТА» (16+)
05.10 УЛЕТНОЕ ВИДЕО
Звезда
6.00 Х/Ф «РУССКОЕ ПОЛЕ»
7.45 МУЛЬТФИЛЬМЫ
9.00 Д/С «ВЫДАЮЩИЕСЯ АВИАКОНСТРУКТОРЫ»
10.05 Х/Ф «ЛЮБОВЬ ПОД ГРИФОМ «СОВЕРШЕННО СЕКРЕТНО»
12.05 Х/Ф «ЛЮБОВЬ ПОД ГРИФОМ «СОВЕРШЕННО СЕКРЕТНО- 2»
13.00 НОВОСТИ
13.15 Х/Ф «ЛЮБОВЬ ПОД ГРИФОМ «СОВЕРШЕННО СЕКРЕТНО- 3»
15.50 Д/С «НАСЛЕДИЕ АКСЕЛЯ БЕРГА»
16.30 Х/Ф «ПОДКИДЫШ»
18.00 НОВОСТИ
18.15 Х/Ф «НЕБЕСНЫЙ ТИХОХОД»
19.45 Х/Ф «ПРИСТУПИТЬ К ЛИКВИДАЦИИ»
22.20 Х/Ф «СУМКА ИНКАССАТОРА»
00.15 Т/С «НЕ ХЛЕБОМ ЕДИНЫМ» (16+)
02.50 Х/Ф «ДОЧКИ-МАТЕРИ»
05.00 Д/С «КАТРИНА»
ТВЗ
5.15 МУЛЬТФИЛЬМЫ
8.45 Х/Ф «ГОДЕН К НЕСТРОЕВОЙ»
10.15 Х/Ф «ПЕРЕХВАТ»
12.00 Х/Ф «ДЕННИС-МУЧИТЕЛЬ»
14.00 Х/Ф «НА ГРАНИ БЕЗУМИЯ» (16+)
16.30 Х/Ф «БЕГЛЕЦ» (16+)
19.00 Х/Ф «СЛУЖИТЕЛИ ЗАКОНА» (16+)
21.30 Х/Ф «СМЕРТЕЛЬНАЯ ГОНКА - 3. ИНФЕРНО» (16+)
23.30 Х/Ф «МАКСИМАЛЬНЫЙ РИСК» (16+)
01.30 Х/Ф «ОГРАБЛЕНИЕ ПО-ФРАНЦУЗСКИ» (16+)
03.30 Х/Ф «ТАЙМЕР»
За информацию, предоставленную телеканалами, редакция ответственности не несет. В телепрограмме возможны изменения.
